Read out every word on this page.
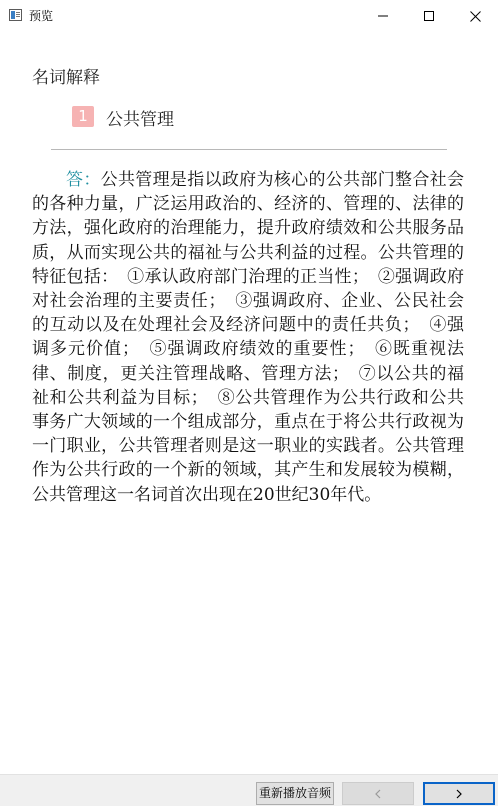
预览
名词解释
1	公共管理
答：公共管理是指以政府为核心的公共部门整合社会的各种力量，广泛运用政治的、经济的、管理的、法律的方法，强化政府的治理能力，提升政府绩效和公共服务品质，从而实现公共的福祉与公共利益的过程。公共管理的特征包括：　①承认政府部门治理的正当性；　②强调政府对社会治理的主要责任；　③强调政府、企业、公民社会的互动以及在处理社会及经济问题中的责任共负；　④强调多元价值；　⑤强调政府绩效的重要性；　⑥既重视法律、制度，更关注管理战略、管理方法；　⑦以公共的福祉和公共利益为目标；　⑧公共管理作为公共行政和公共事务广大领域的一个组成部分，重点在于将公共行政视为一门职业，公共管理者则是这一职业的实践者。公共管理作为公共行政的一个新的领域，其产生和发展较为模糊，公共管理这一名词首次出现在20世纪30年代。
重新播放音频
